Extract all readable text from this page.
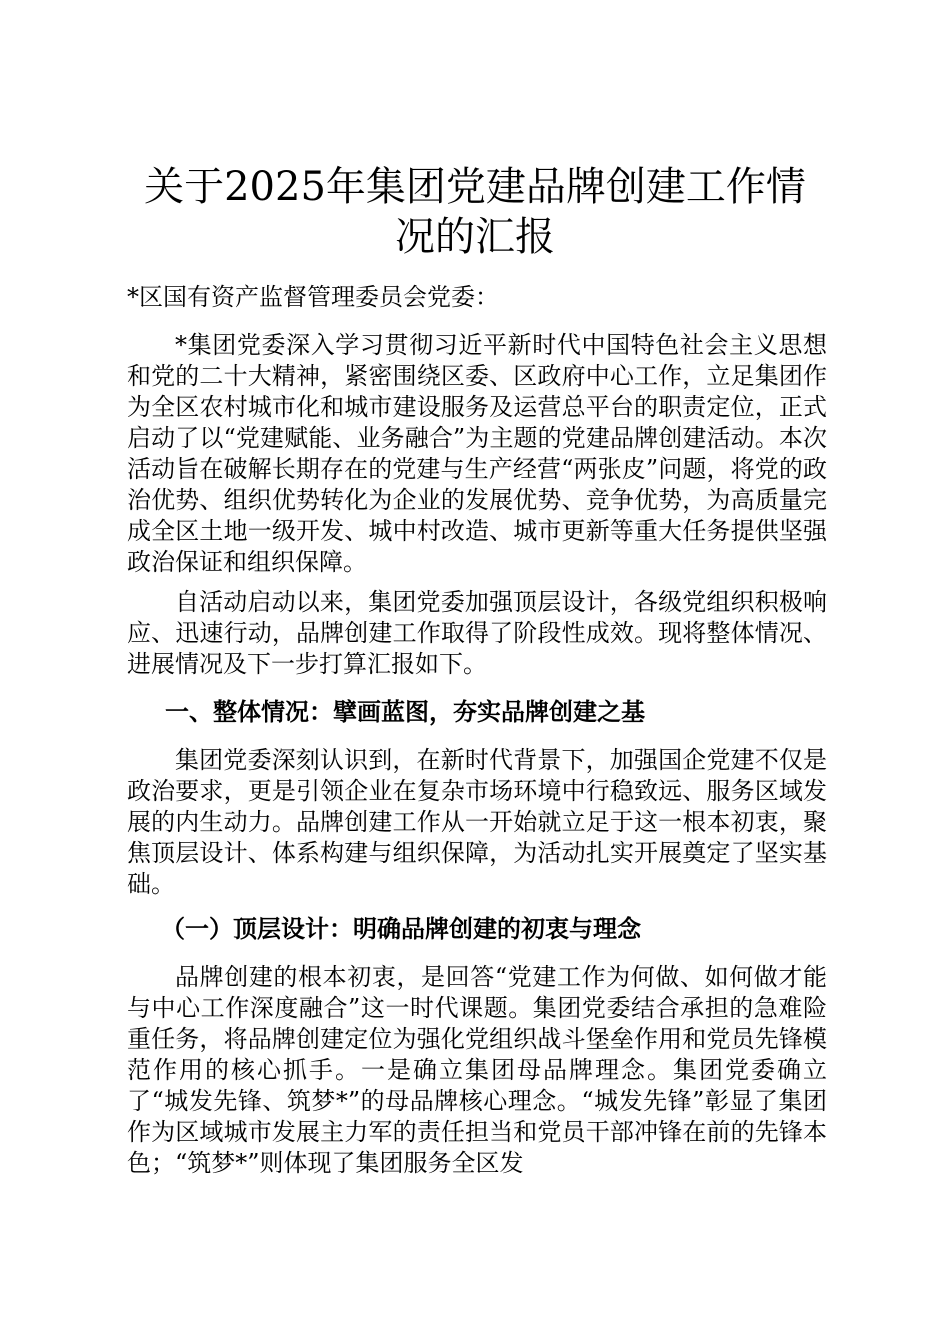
关于2025年集团党建品牌创建工作情况的汇报

*区国有资产监督管理委员会党委：

*集团党委深入学习贯彻习近平新时代中国特色社会主义思想和党的二十大精神，紧密围绕区委、区政府中心工作，立足集团作为全区农村城市化和城市建设服务及运营总平台的职责定位，正式启动了以“党建赋能、业务融合”为主题的党建品牌创建活动。本次活动旨在破解长期存在的党建与生产经营“两张皮”问题，将党的政治优势、组织优势转化为企业的发展优势、竞争优势，为高质量完成全区土地一级开发、城中村改造、城市更新等重大任务提供坚强政治保证和组织保障。

自活动启动以来，集团党委加强顶层设计，各级党组织积极响应、迅速行动，品牌创建工作取得了阶段性成效。现将整体情况、进展情况及下一步打算汇报如下。

一、整体情况：擘画蓝图，夯实品牌创建之基

集团党委深刻认识到，在新时代背景下，加强国企党建不仅是政治要求，更是引领企业在复杂市场环境中行稳致远、服务区域发展的内生动力。品牌创建工作从一开始就立足于这一根本初衷，聚焦顶层设计、体系构建与组织保障，为活动扎实开展奠定了坚实基础。

（一）顶层设计：明确品牌创建的初衷与理念

品牌创建的根本初衷，是回答“党建工作为何做、如何做才能与中心工作深度融合”这一时代课题。集团党委结合承担的急难险重任务，将品牌创建定位为强化党组织战斗堡垒作用和党员先锋模范作用的核心抓手。一是确立集团母品牌理念。集团党委确立了“城发先锋、筑梦*”的母品牌核心理念。“城发先锋”彰显了集团作为区域城市发展主力军的责任担当和党员干部冲锋在前的先锋本色；“筑梦*”则体现了集团服务全区发
